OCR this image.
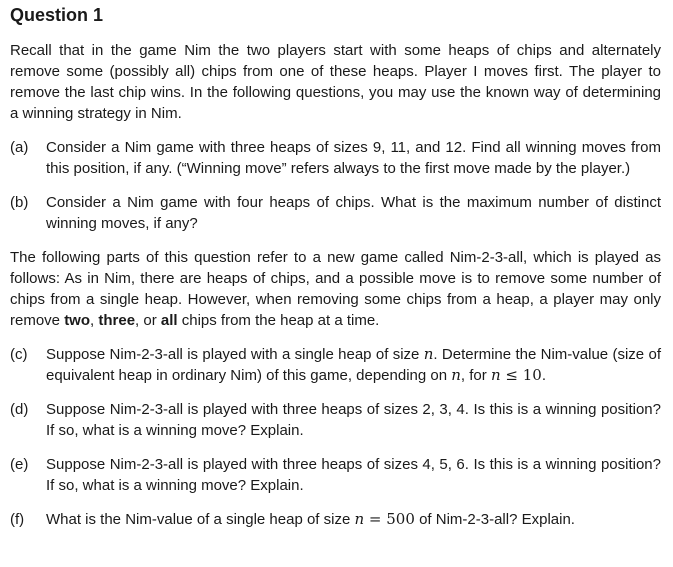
Question 1

Recall that in the game Nim the two players start with some heaps of chips and alternately remove some (possibly all) chips from one of these heaps. Player I moves first. The player to remove the last chip wins. In the following questions, you may use the known way of determining a winning strategy in Nim.

(a)	Consider a Nim game with three heaps of sizes 9, 11, and 12. Find all winning moves from this position, if any. (“Winning move” refers always to the first move made by the player.)
(b)	Consider a Nim game with four heaps of chips. What is the maximum number of distinct winning moves, if any?

The following parts of this question refer to a new game called Nim-2-3-all, which is played as follows: As in Nim, there are heaps of chips, and a possible move is to remove some number of chips from a single heap. However, when removing some chips from a heap, a player may only remove two, three, or all chips from the heap at a time.

(c)	Suppose Nim-2-3-all is played with a single heap of size n. Determine the Nim-value (size of equivalent heap in ordinary Nim) of this game, depending on n, for n ≤ 10.
(d)	Suppose Nim-2-3-all is played with three heaps of sizes 2, 3, 4. Is this is a winning position? If so, what is a winning move? Explain.
(e)	Suppose Nim-2-3-all is played with three heaps of sizes 4, 5, 6. Is this is a winning position? If so, what is a winning move? Explain.
(f)	What is the Nim-value of a single heap of size n = 500 of Nim-2-3-all? Explain.
